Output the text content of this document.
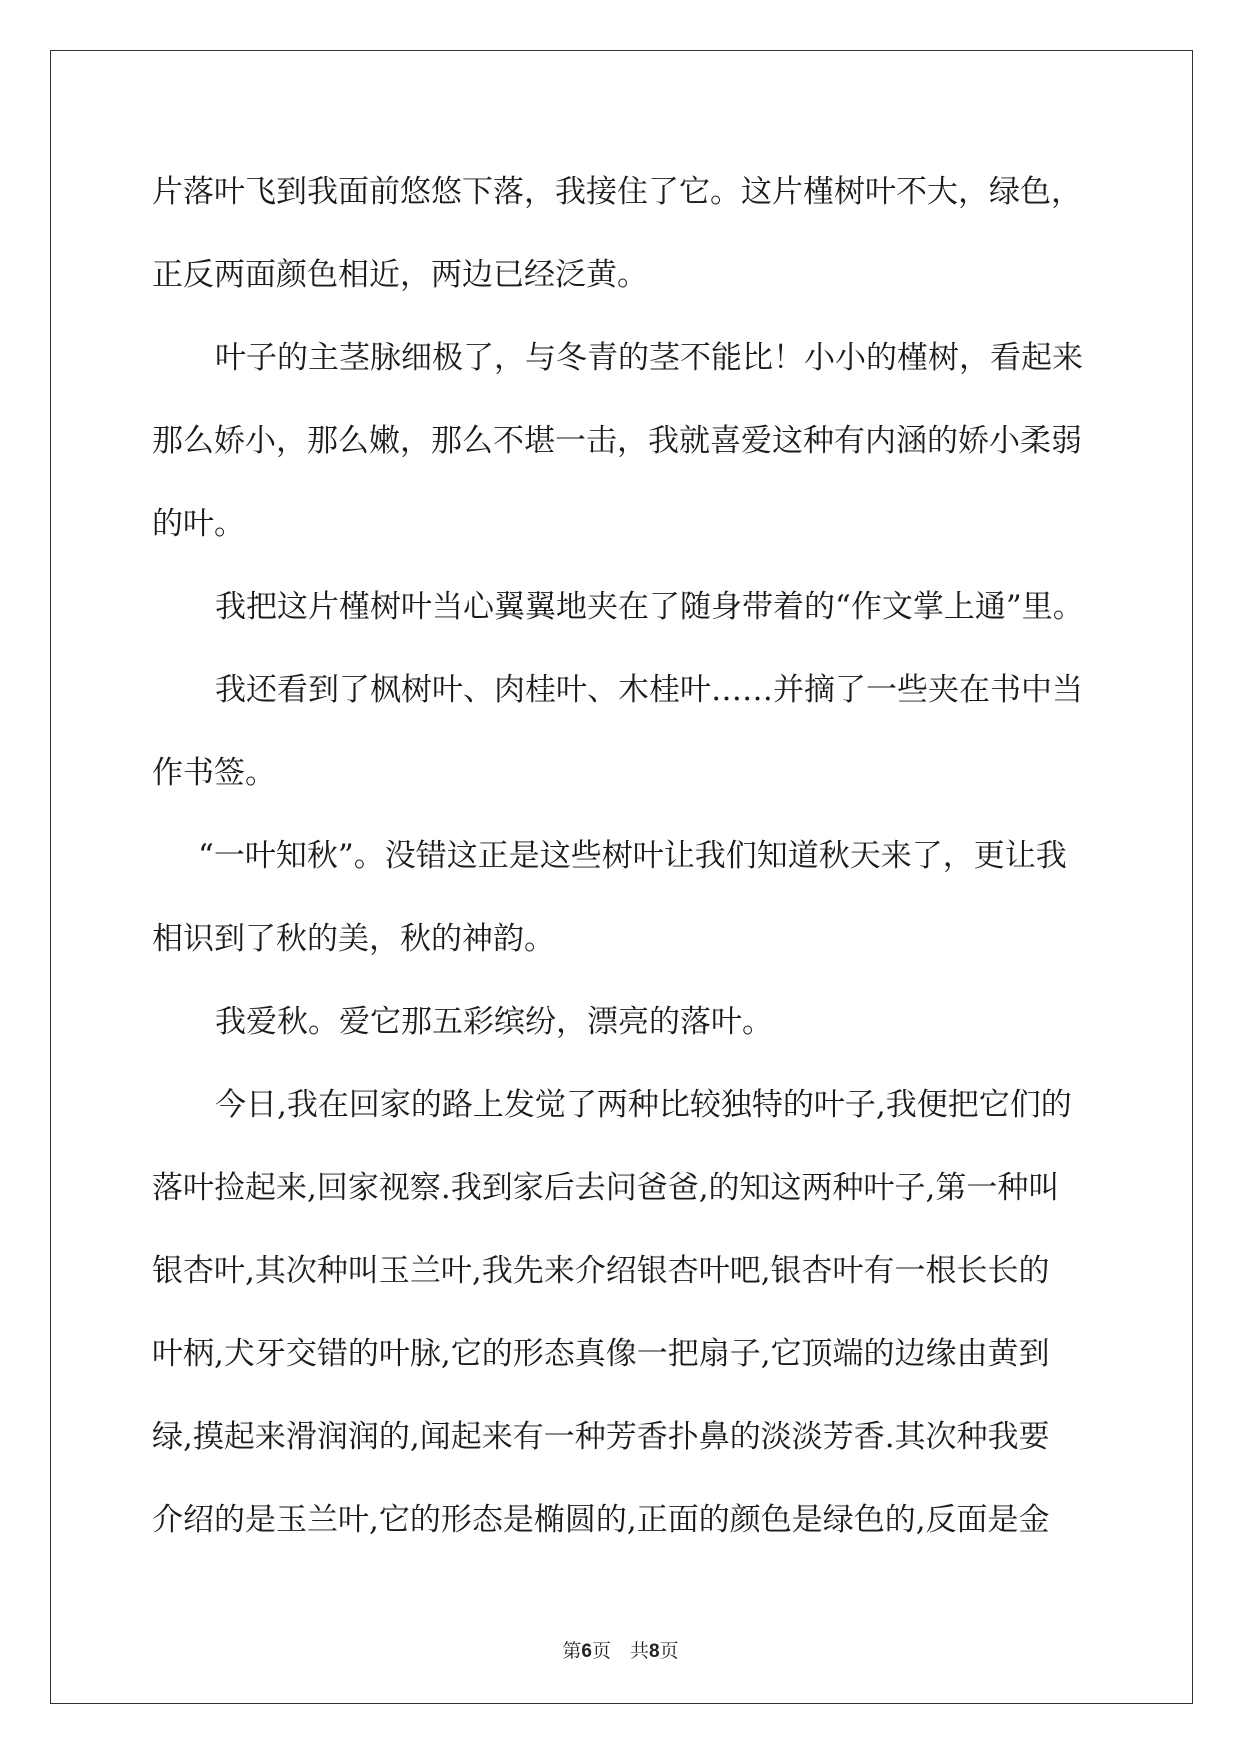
片落叶飞到我面前悠悠下落，我接住了它。这片槿树叶不大，绿色，
正反两面颜色相近，两边已经泛黄。
叶子的主茎脉细极了，与冬青的茎不能比！小小的槿树，看起来
那么娇小，那么嫩，那么不堪一击，我就喜爱这种有内涵的娇小柔弱
的叶。
我把这片槿树叶当心翼翼地夹在了随身带着的“作文掌上通”里。
我还看到了枫树叶、肉桂叶、木桂叶……并摘了一些夹在书中当
作书签。
“一叶知秋”。没错这正是这些树叶让我们知道秋天来了，更让我
相识到了秋的美，秋的神韵。
我爱秋。爱它那五彩缤纷，漂亮的落叶。
今日,我在回家的路上发觉了两种比较独特的叶子,我便把它们的
落叶捡起来,回家视察.我到家后去问爸爸,的知这两种叶子,第一种叫
银杏叶,其次种叫玉兰叶,我先来介绍银杏叶吧,银杏叶有一根长长的
叶柄,犬牙交错的叶脉,它的形态真像一把扇子,它顶端的边缘由黄到
绿,摸起来滑润润的,闻起来有一种芳香扑鼻的淡淡芳香.其次种我要
介绍的是玉兰叶,它的形态是椭圆的,正面的颜色是绿色的,反面是金
第6页　共8页
